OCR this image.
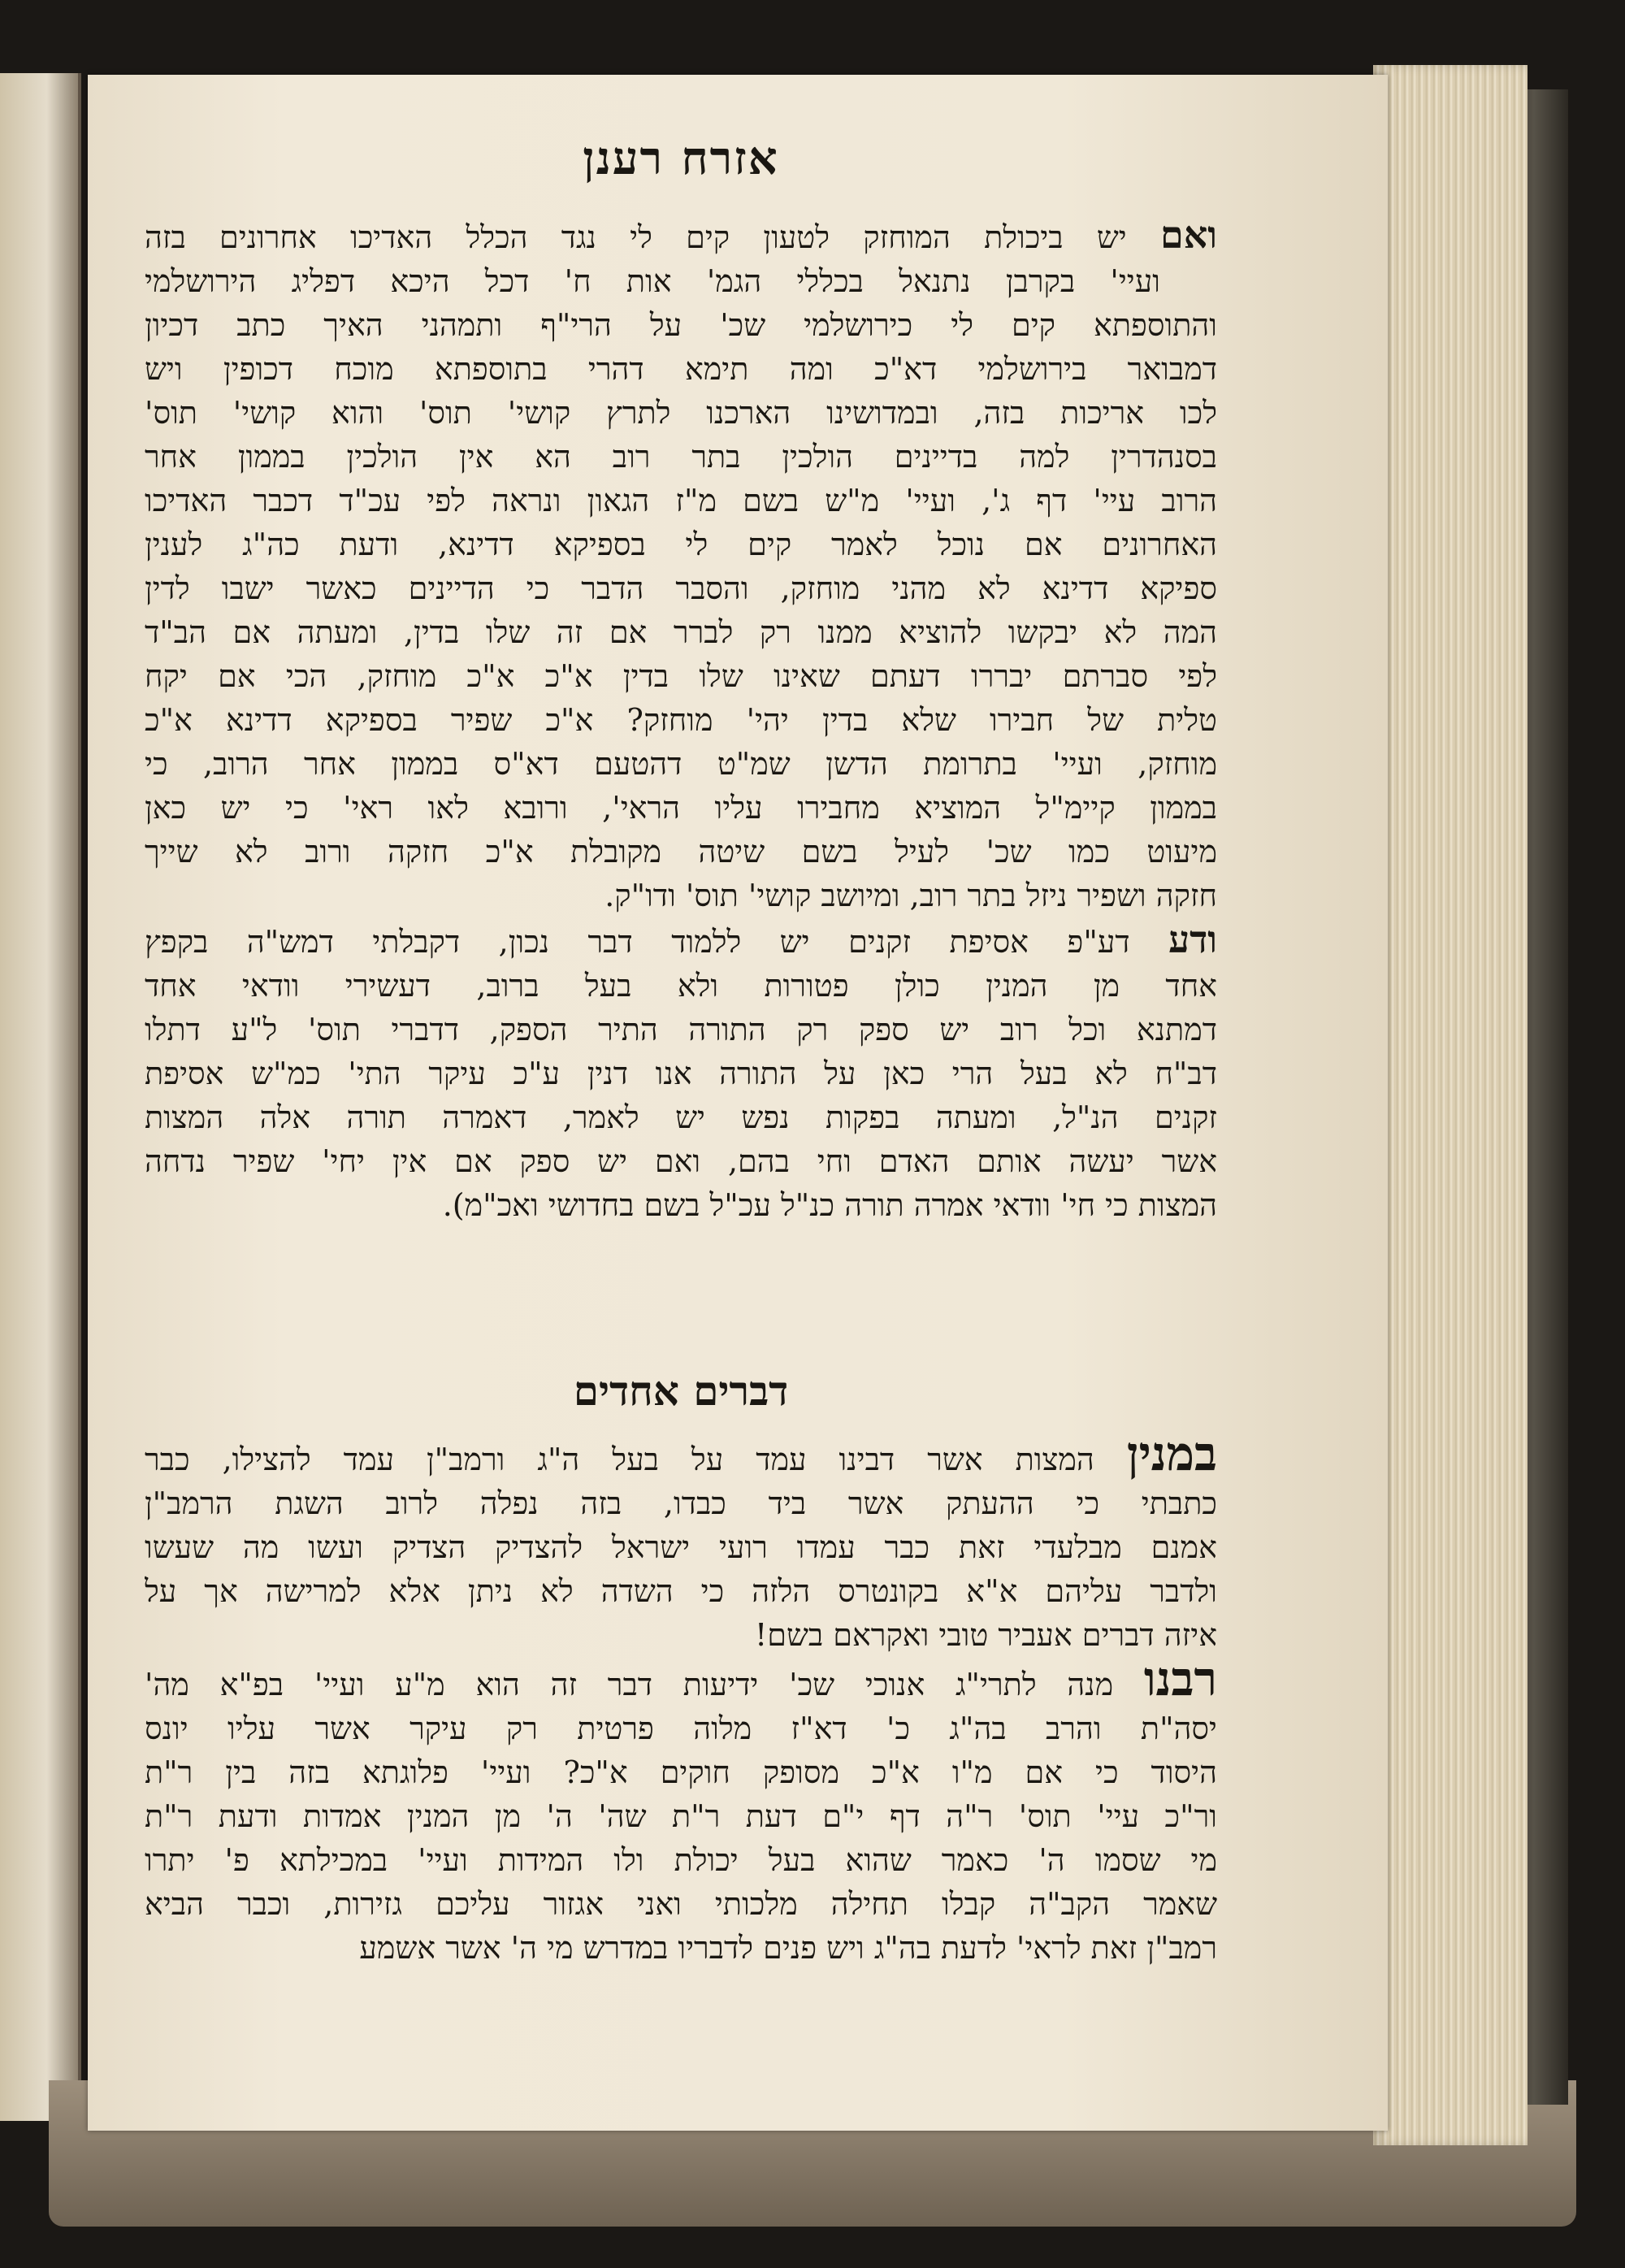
אזרח רענן
ואם יש ביכולת המוחזק לטעון קים לי נגד הכלל האדיכו אחרונים בזה
ועיי' בקרבן נתנאל בכללי הגמ' אות ח' דכל היכא דפליג הירושלמי
והתוספתא קים לי כירושלמי שכ' על הרי"ף ותמהני האיך כתב דכיון
דמבואר בירושלמי דא"כ ומה תימא דהרי בתוספתא מוכח דכופין ויש
לכו אריכות בזה, ובמדושינו הארכנו לתרץ קושי' תוס' והוא קושי' תוס'
בסנהדרין למה בדיינים הולכין בתר רוב הא אין הולכין בממון אחר
הרוב עיי' דף ג', ועיי' מ"ש בשם מ"ז הגאון ונראה לפי עכ"ד דכבר האדיכו
האחרונים אם נוכל לאמר קים לי בספיקא דדינא, ודעת כה"ג לענין
ספיקא דדינא לא מהני מוחזק, והסבר הדבר כי הדיינים כאשר ישבו לדין
המה לא יבקשו להוציא ממנו רק לברר אם זה שלו בדין, ומעתה אם הב"ד
לפי סברתם יבררו דעתם שאינו שלו בדין א"כ א"כ מוחזק, הכי אם יקח
טלית של חבירו שלא בדין יהי' מוחזק? א"כ שפיר בספיקא דדינא א"כ
מוחזק, ועיי' בתרומת הדשן שמ"ט דהטעם דא"ס בממון אחר הרוב, כי
בממון קיימ"ל המוציא מחבירו עליו הראי', ורובא לאו ראי' כי יש כאן
מיעוט כמו שכ' לעיל בשם שיטה מקובלת א"כ חזקה ורוב לא שייך
חזקה ושפיר ניזל בתר רוב, ומיושב קושי' תוס' ודו"ק.
ודע דע"פ אסיפת זקנים יש ללמוד דבר נכון, דקבלתי דמש"ה בקפץ
אחד מן המנין כולן פטורות ולא בעל ברוב, דעשירי וודאי אחד
דמתנא וכל רוב יש ספק רק התורה התיר הספק, דדברי תוס' ל"ע דתלו
דב"ח לא בעל הרי כאן על התורה אנו דנין ע"כ עיקר התי' כמ"ש אסיפת
זקנים הנ"ל, ומעתה בפקות נפש יש לאמר, דאמרה תורה אלה המצות
אשר יעשה אותם האדם וחי בהם, ואם יש ספק אם אין יחי' שפיר נדחה
המצות כי חי' וודאי אמרה תורה כנ"ל עכ"ל בשם בחדושי ואכ"מ).
דברים אחדים
במנין המצות אשר דבינו עמד על בעל ה"ג ורמב"ן עמד להצילו, כבר
כתבתי כי ההעתק אשר ביד כבדו, בזה נפלה לרוב השגת הרמב"ן
אמנם מבלעדי זאת כבר עמדו רועי ישראל להצדיק הצדיק ועשו מה שעשו
ולדבר עליהם א"א בקונטרס הלזה כי השדה לא ניתן אלא למרישה אך על
איזה דברים אעביר טובי ואקראם בשם!
רבנו מנה לתרי"ג אנוכי שכ' ידיעות דבר זה הוא מ"ע ועיי' בפ"א מה'
יסה"ת והרב בה"ג כ' דא"ז מלוה פרטית רק עיקר אשר עליו יונס
היסוד כי אם מ"ו א"כ מסופק חוקים א"כ? ועיי' פלוגתא בזה בין ר"ת
ור"כ עיי' תוס' ר"ה דף י"ם דעת ר"ת שה' ה' מן המנין אמדות ודעת ר"ת
מי שסמו ה' כאמר שהוא בעל יכולת ולו המידות ועיי' במכילתא פ' יתרו
שאמר הקב"ה קבלו תחילה מלכותי ואני אגזור עליכם גזירות, וכבר הביא
רמב"ן זאת לראי' לדעת בה"ג ויש פנים לדבריו במדרש מי ה' אשר אשמע
